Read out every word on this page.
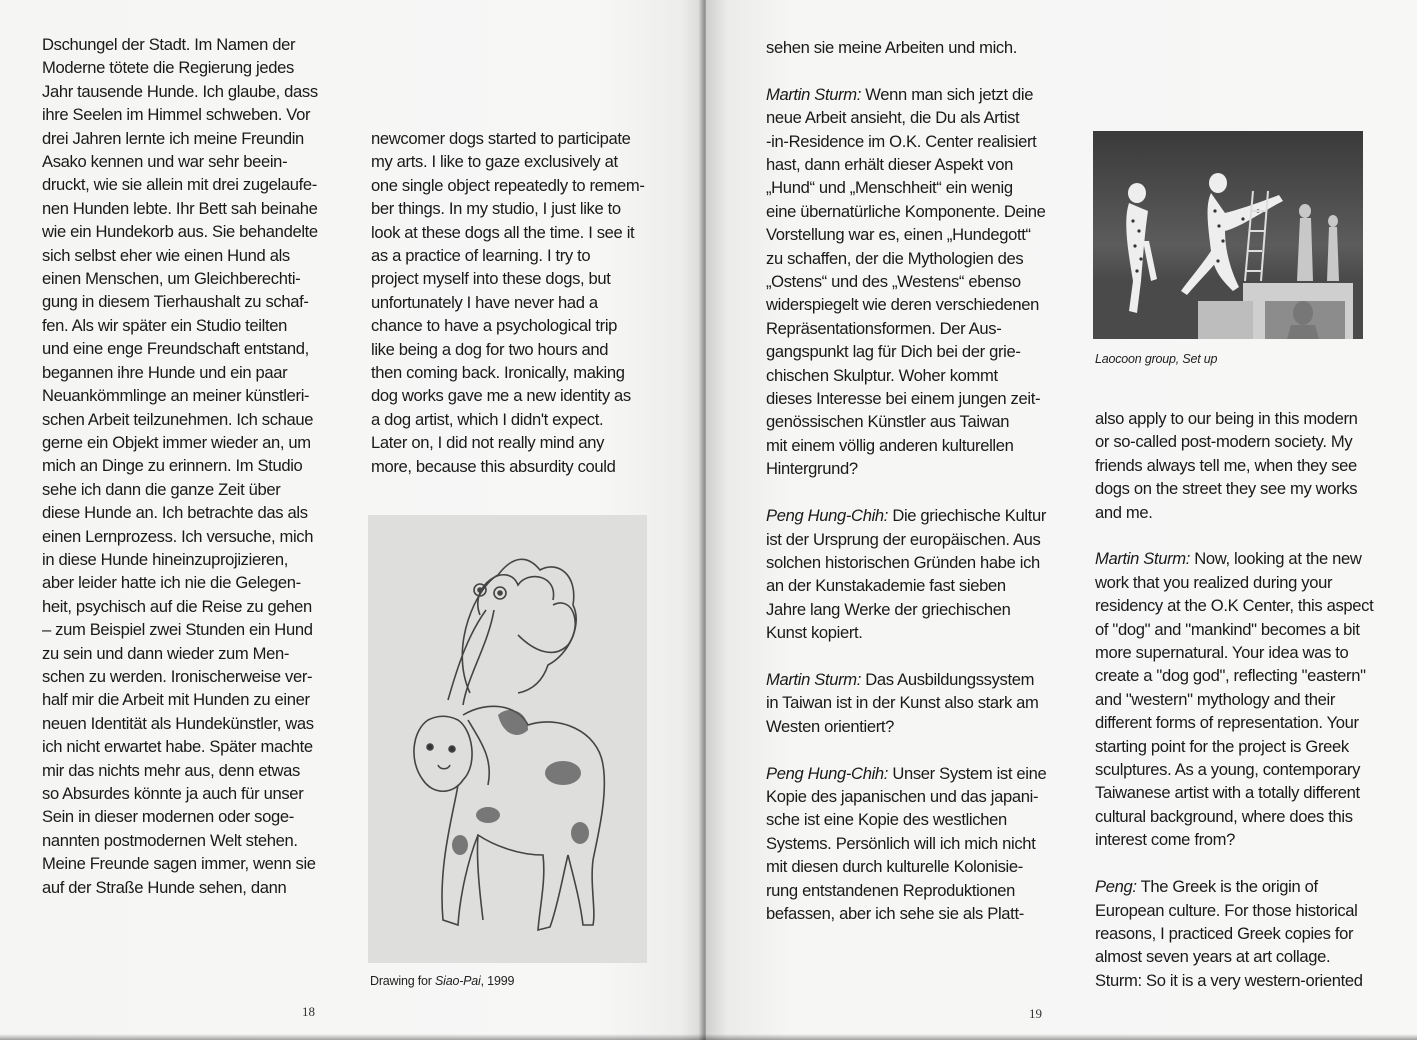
Dschungel der Stadt. Im Namen der
Moderne tötete die Regierung jedes
Jahr tausende Hunde. Ich glaube, dass
ihre Seelen im Himmel schweben. Vor
drei Jahren lernte ich meine Freundin
Asako kennen und war sehr beein-
druckt, wie sie allein mit drei zugelaufe-
nen Hunden lebte. Ihr Bett sah beinahe
wie ein Hundekorb aus. Sie behandelte
sich selbst eher wie einen Hund als
einen Menschen, um Gleichberechti-
gung in diesem Tierhaushalt zu schaf-
fen. Als wir später ein Studio teilten
und eine enge Freundschaft entstand,
begannen ihre Hunde und ein paar
Neuankömmlinge an meiner künstleri-
schen Arbeit teilzunehmen. Ich schaue
gerne ein Objekt immer wieder an, um
mich an Dinge zu erinnern. Im Studio
sehe ich dann die ganze Zeit über
diese Hunde an. Ich betrachte das als
einen Lernprozess. Ich versuche, mich
in diese Hunde hineinzuprojizieren,
aber leider hatte ich nie die Gelegen-
heit, psychisch auf die Reise zu gehen
– zum Beispiel zwei Stunden ein Hund
zu sein und dann wieder zum Men-
schen zu werden. Ironischerweise ver-
half mir die Arbeit mit Hunden zu einer
neuen Identität als Hundekünstler, was
ich nicht erwartet habe. Später machte
mir das nichts mehr aus, denn etwas
so Absurdes könnte ja auch für unser
Sein in dieser modernen oder soge-
nannten postmodernen Welt stehen.
Meine Freunde sagen immer, wenn sie
auf der Straße Hunde sehen, dann
newcomer dogs started to participate
my arts. I like to gaze exclusively at
one single object repeatedly to remem-
ber things. In my studio, I just like to
look at these dogs all the time. I see it
as a practice of learning. I try to
project myself into these dogs, but
unfortunately I have never had a
chance to have a psychological trip
like being a dog for two hours and
then coming back. Ironically, making
dog works gave me a new identity as
a dog artist, which I didn't expect.
Later on, I did not really mind any
more, because this absurdity could
Drawing for Siao-Pai, 1999
18

sehen sie meine Arbeiten und mich.

Martin Sturm: Wenn man sich jetzt die
neue Arbeit ansieht, die Du als Artist
-in-Residence im O.K. Center realisiert
hast, dann erhält dieser Aspekt von
„Hund“ und „Menschheit“ ein wenig
eine übernatürliche Komponente. Deine
Vorstellung war es, einen „Hundegott“
zu schaffen, der die Mythologien des
„Ostens“ und des „Westens“ ebenso
widerspiegelt wie deren verschiedenen
Repräsentationsformen. Der Aus-
gangspunkt lag für Dich bei der grie-
chischen Skulptur. Woher kommt
dieses Interesse bei einem jungen zeit-
genössischen Künstler aus Taiwan
mit einem völlig anderen kulturellen
Hintergrund?

Peng Hung-Chih: Die griechische Kultur
ist der Ursprung der europäischen. Aus
solchen historischen Gründen habe ich
an der Kunstakademie fast sieben
Jahre lang Werke der griechischen
Kunst kopiert.

Martin Sturm: Das Ausbildungssystem
in Taiwan ist in der Kunst also stark am
Westen orientiert?

Peng Hung-Chih: Unser System ist eine
Kopie des japanischen und das japani-
sche ist eine Kopie des westlichen
Systems. Persönlich will ich mich nicht
mit diesen durch kulturelle Kolonisie-
rung entstandenen Reproduktionen
befassen, aber ich sehe sie als Platt-

Laocoon group, Set up

also apply to our being in this modern
or so-called post-modern society. My
friends always tell me, when they see
dogs on the street they see my works
and me.

Martin Sturm: Now, looking at the new
work that you realized during your
residency at the O.K Center, this aspect
of "dog" and "mankind" becomes a bit
more supernatural. Your idea was to
create a "dog god", reflecting "eastern"
and "western" mythology and their
different forms of representation. Your
starting point for the project is Greek
sculptures. As a young, contemporary
Taiwanese artist with a totally different
cultural background, where does this
interest come from?

Peng: The Greek is the origin of
European culture. For those historical
reasons, I practiced Greek copies for
almost seven years at art collage.
Sturm: So it is a very western-oriented

19
